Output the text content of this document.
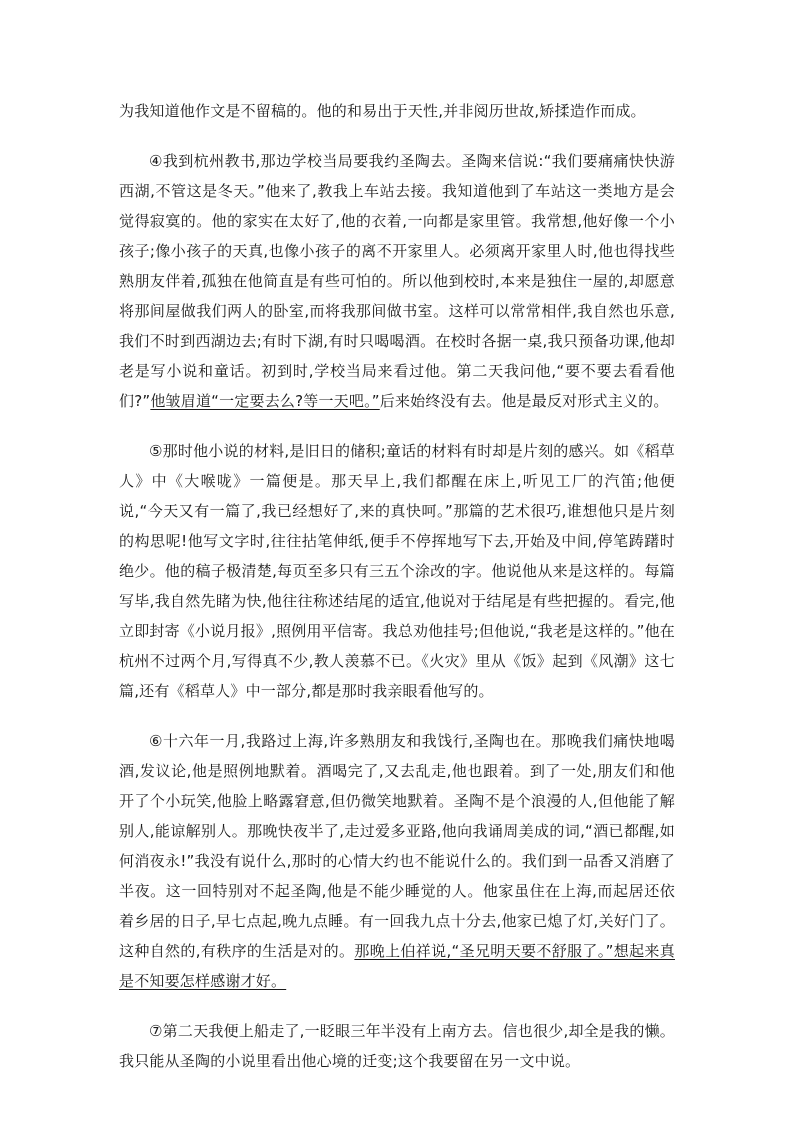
为我知道他作文是不留稿的。他的和易出于天性,并非阅历世故,矫揉造作而成。

④我到杭州教书,那边学校当局要我约圣陶去。圣陶来信说:“我们要痛痛快快游西湖,不管这是冬天。”他来了,教我上车站去接。我知道他到了车站这一类地方是会觉得寂寞的。他的家实在太好了,他的衣着,一向都是家里管。我常想,他好像一个小孩子;像小孩子的天真,也像小孩子的离不开家里人。必须离开家里人时,他也得找些熟朋友伴着,孤独在他简直是有些可怕的。所以他到校时,本来是独住一屋的,却愿意将那间屋做我们两人的卧室,而将我那间做书室。这样可以常常相伴,我自然也乐意,我们不时到西湖边去;有时下湖,有时只喝喝酒。在校时各据一桌,我只预备功课,他却老是写小说和童话。初到时,学校当局来看过他。第二天我问他,“要不要去看看他们?”他皱眉道“一定要去么?等一天吧。”后来始终没有去。他是最反对形式主义的。

⑤那时他小说的材料,是旧日的储积;童话的材料有时却是片刻的感兴。如《稻草人》中《大喉咙》一篇便是。那天早上,我们都醒在床上,听见工厂的汽笛;他便说,“今天又有一篇了,我已经想好了,来的真快呵。”那篇的艺术很巧,谁想他只是片刻的构思呢!他写文字时,往往拈笔伸纸,便手不停挥地写下去,开始及中间,停笔踌躇时绝少。他的稿子极清楚,每页至多只有三五个涂改的字。他说他从来是这样的。每篇写毕,我自然先睹为快,他往往称述结尾的适宜,他说对于结尾是有些把握的。看完,他立即封寄《小说月报》,照例用平信寄。我总劝他挂号;但他说,“我老是这样的。”他在杭州不过两个月,写得真不少,教人羡慕不已。《火灾》里从《饭》起到《风潮》这七篇,还有《稻草人》中一部分,都是那时我亲眼看他写的。

⑥十六年一月,我路过上海,许多熟朋友和我饯行,圣陶也在。那晚我们痛快地喝酒,发议论,他是照例地默着。酒喝完了,又去乱走,他也跟着。到了一处,朋友们和他开了个小玩笑,他脸上略露窘意,但仍微笑地默着。圣陶不是个浪漫的人,但他能了解别人,能谅解别人。那晚快夜半了,走过爱多亚路,他向我诵周美成的词,“酒已都醒,如何消夜永!”我没有说什么,那时的心情大约也不能说什么的。我们到一品香又消磨了半夜。这一回特别对不起圣陶,他是不能少睡觉的人。他家虽住在上海,而起居还依着乡居的日子,早七点起,晚九点睡。有一回我九点十分去,他家已熄了灯,关好门了。这种自然的,有秩序的生活是对的。那晚上伯祥说,“圣兄明天要不舒服了。”想起来真是不知要怎样感谢才好。

⑦第二天我便上船走了,一眨眼三年半没有上南方去。信也很少,却全是我的懒。我只能从圣陶的小说里看出他心境的迁变;这个我要留在另一文中说。
